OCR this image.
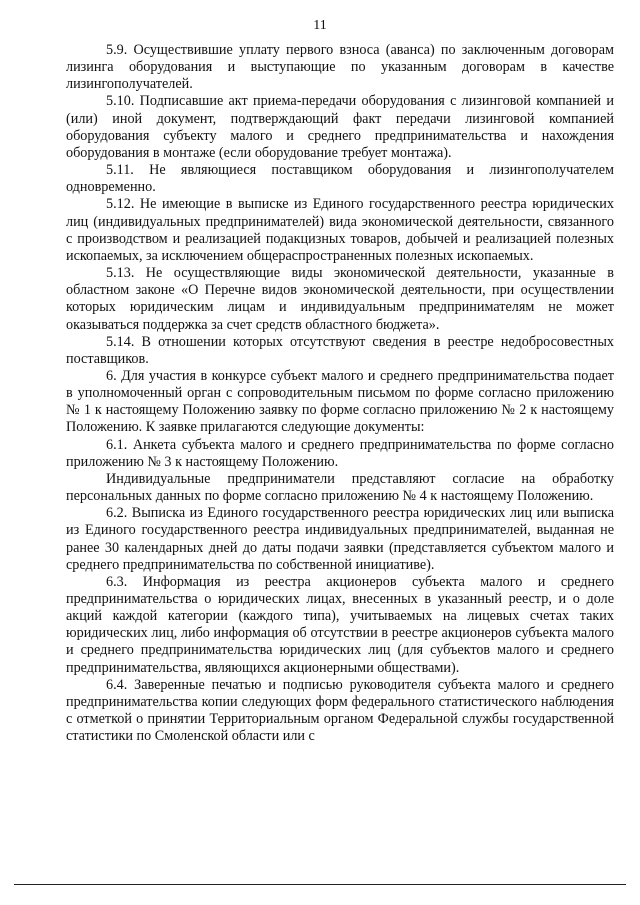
11

5.9. Осуществившие уплату первого взноса (аванса) по заключенным договорам лизинга оборудования и выступающие по указанным договорам в качестве лизингополучателей.

5.10. Подписавшие акт приема-передачи оборудования с лизинговой компанией и (или) иной документ, подтверждающий факт передачи лизинговой компанией оборудования субъекту малого и среднего предпринимательства и нахождения оборудования в монтаже (если оборудование требует монтажа).

5.11. Не являющиеся поставщиком оборудования и лизингополучателем одновременно.

5.12. Не имеющие в выписке из Единого государственного реестра юридических лиц (индивидуальных предпринимателей) вида экономической деятельности, связанного с производством и реализацией подакцизных товаров, добычей и реализацией полезных ископаемых, за исключением общераспространенных полезных ископаемых.

5.13. Не осуществляющие виды экономической деятельности, указанные в областном законе «О Перечне видов экономической деятельности, при осуществлении которых юридическим лицам и индивидуальным предпринимателям не может оказываться поддержка за счет средств областного бюджета».

5.14. В отношении которых отсутствуют сведения в реестре недобросовестных поставщиков.

6. Для участия в конкурсе субъект малого и среднего предпринимательства подает в уполномоченный орган с сопроводительным письмом по форме согласно приложению № 1 к настоящему Положению заявку по форме согласно приложению № 2 к настоящему Положению. К заявке прилагаются следующие документы:

6.1. Анкета субъекта малого и среднего предпринимательства по форме согласно приложению № 3 к настоящему Положению.

Индивидуальные предприниматели представляют согласие на обработку персональных данных по форме согласно приложению № 4 к настоящему Положению.

6.2. Выписка из Единого государственного реестра юридических лиц или выписка из Единого государственного реестра индивидуальных предпринимателей, выданная не ранее 30 календарных дней до даты подачи заявки (представляется субъектом малого и среднего предпринимательства по собственной инициативе).

6.3. Информация из реестра акционеров субъекта малого и среднего предпринимательства о юридических лицах, внесенных в указанный реестр, и о доле акций каждой категории (каждого типа), учитываемых на лицевых счетах таких юридических лиц, либо информация об отсутствии в реестре акционеров субъекта малого и среднего предпринимательства юридических лиц (для субъектов малого и среднего предпринимательства, являющихся акционерными обществами).

6.4. Заверенные печатью и подписью руководителя субъекта малого и среднего предпринимательства копии следующих форм федерального статистического наблюдения с отметкой о принятии Территориальным органом Федеральной службы государственной статистики по Смоленской области или с
